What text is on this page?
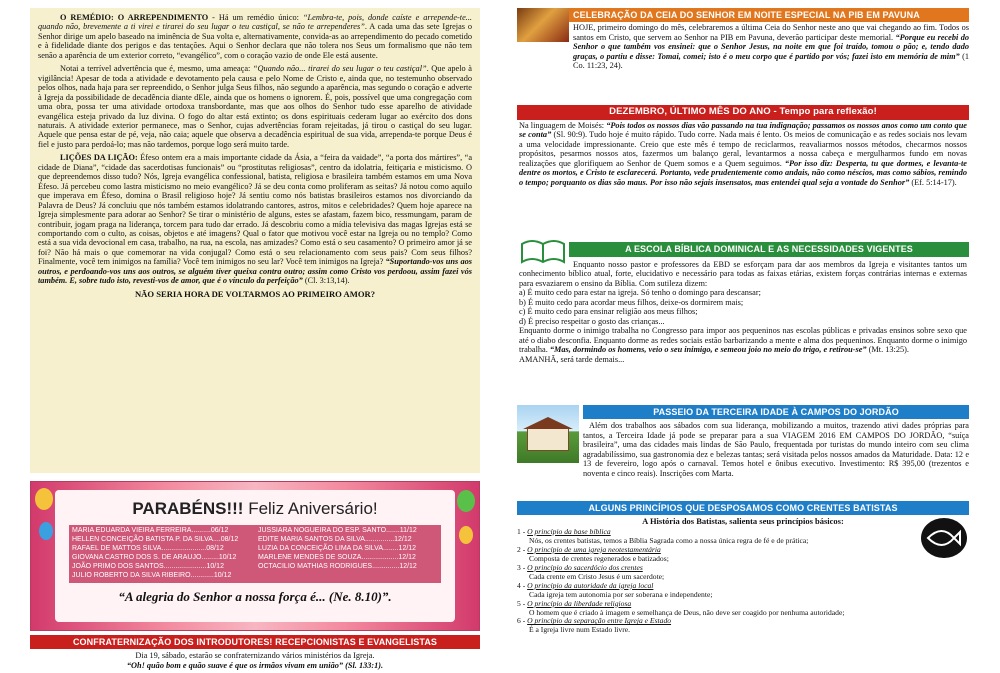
O REMÉDIO: O ARREPENDIMENTO - Há um remédio único: “Lembra-te, pois, donde caíste e arrepende-te... quando não, brevemente a ti virei e tirarei do seu lugar o teu castiçal, se não te arrependeres”. A cada uma das sete Igrejas o Senhor dirige um apelo baseado na iminência de Sua volta e, alternativamente, convida-as ao arrependimento do pecado cometido e à fidelidade diante dos perigos e das tentações. Aqui o Senhor declara que não tolera nos Seus um formalismo que não tem senão a aparência de um exterior correto, “evangélico”, com o coração vazio de onde Ele está ausente.

Notai a terrível advertência que é, mesmo, uma ameaça: “Quando não... tirarei do seu lugar o teu castiçal”. Que apelo à vigilância! Apesar de toda a atividade e devotamento pela causa e pelo Nome de Cristo e, ainda que, no testemunho observado pelos olhos, nada haja para ser repreendido, o Senhor julga Seus filhos, não segundo a aparência, mas segundo o coração e adverte à Igreja da possibilidade de decadência diante dEle, ainda que os homens o ignorem. É, pois, possível que uma congregação com uma obra, possa ter uma atividade ortodoxa transbordante, mas que aos olhos do Senhor tudo esse aparelho de atividade evangélica esteja privado da luz divina. O fogo do altar está extinto; os dons espirituais cederam lugar ao exército dos dons naturais. A atividade exterior permanece, mas o Senhor, cujas advertências foram rejeitadas, já tirou o castiçal do seu lugar. Aquele que pensa estar de pé, veja, não caia; aquele que observa a decadência espiritual de sua vida, arrependa-te porque Deus é fiel e justo para perdoá-lo; mas não tardemos, porque logo será muito tarde.

LIÇÕES DA LIÇÃO: Éfeso ontem era a mais importante cidade da Ásia, a “feira da vaidade”, “a porta dos mártires”, “a cidade de Diana”, “cidade das sacerdotisas funcionais” ou “prostitutas religiosas”, centro da idolatria, feitiçaria e misticismo. O que depreendemos disso tudo? Nós, Igreja evangélica confessional, batista, religiosa e brasileira também estamos em uma Nova Éfeso. Já percebeu como lastra misticismo no meio evangélico? Já se deu conta como proliferam as seitas? Já notou como aquilo que imperava em Éfeso, domina o Brasil religioso hoje? Já sentiu como nós batistas brasileiros estamos nos divorciando da Palavra de Deus? Já concluiu que nós também estamos idolatrando cantores, astros, mitos e celebridades? Quem hoje aparece na Igreja simplesmente para adorar ao Senhor? Se tirar o ministério de alguns, estes se afastam, fazem bico, ressmungam, param de contribuir, jogam praga na liderança, torcem para tudo dar errado. Já descobriu como a mídia televisiva das magas Igrejas está se comportando com o culto, as coisas, objetos e até imagens? Qual o fator que motivou você estar na Igreja ou no templo? Como está a sua vida devocional em casa, trabalho, na rua, na escola, nas amizades? Como está o seu casamento? O primeiro amor já se foi? Não há mais o que comemorar na vida conjugal? Como está o seu relacionamento com seus pais? Com seus filhos? Finalmente, você tem inimigos na família? Você tem inimigos no seu lar? Você tem inimigos na Igreja? “Suportando-vos uns aos outros, e perdoando-vos uns aos outros, se alguém tiver queixa contra outro; assim como Cristo vos perdoou, assim fazei vós também. E, sobre tudo isto, revesti-vos de amor, que é o vínculo da perfeição” (Cl. 3:13,14).

NÃO SERIA HORA DE VOLTARMOS AO PRIMEIRO AMOR?

PARABÉNS!!! Feliz Aniversário!
MARIA EDUARDA VIEIRA FERREIRA..........06/12
HELLEN CONCEIÇÃO BATISTA P. DA SILVA....08/12
RAFAEL DE MATTOS SILVA.......................08/12
GIOVANA CASTRO DOS S. DE ARAUJO.........10/12
JOÃO PRIMO DOS SANTOS......................10/12
JULIO ROBERTO DA SILVA RIBEIRO............10/12
JUSSIARA NOGUEIRA DO ESP. SANTO.......11/12
EDITE MARIA SANTOS DA SILVA...............12/12
LUZIA DA CONCEIÇÃO LIMA DA SILVA........12/12
MARLENE MENDES DE SOUZA...................12/12
OCTACILIO MATHIAS RODRIGUES..............12/12
“A alegria do Senhor a nossa força é... (Ne. 8.10)”.
CONFRATERNIZAÇÃO DOS INTRODUTORES! RECEPCIONISTAS E EVANGELISTAS
Dia 19, sábado, estarão se confraternizando vários ministérios da Igreja.
“Oh! quão bom e quão suave é que os irmãos vivam em união” (Sl. 133:1).
CELEBRAÇÃO DA CEIA DO SENHOR EM NOITE ESPECIAL NA PIB EM PAVUNA
HOJE, primeiro domingo do mês, celebraremos a última Ceia do Senhor neste ano que vai chegando ao fim. Todos os santos em Cristo, que servem ao Senhor na PIB em Pavuna, deverão participar deste memorial. “Porque eu recebi do Senhor o que também vos ensinei: que o Senhor Jesus, na noite em que foi traído, tomou o pão; e, tendo dado graças, o partiu e disse: Tomai, comei; isto é o meu corpo que é partido por vós; fazei isto em memória de mim” (1 Co. 11:23, 24).
DEZEMBRO, ÚLTIMO MÊS DO ANO - Tempo para reflexão!
Na linguagem de Moisés: “Pois todos os nossos dias vão passando na tua indignação; passamos os nossos anos como um conto que se conta” (Sl. 90:9). Tudo hoje é muito rápido. Tudo corre. Nada mais é lento. Os meios de comunicação e as redes sociais nos levam a uma velocidade impressionante. Creio que este mês é tempo de reciclarmos, reavaliarmos nossos métodos, checarmos nossos propósitos, pesarmos nossos atos, fazermos um balanço geral, levantarmos a nossa cabeça e mergulharmos fundo em novas realizações que glorifiquem ao Senhor de Quem somos e a Quem seguimos. “Por isso diz: Desperta, tu que dormes, e levanta-te dentre os mortos, e Cristo te esclarecerá. Portanto, vede prudentemente como andais, não como néscios, mas como sábios, remindo o tempo; porquanto os dias são maus. Por isso não sejais insensatos, mas entendei qual seja a vontade do Senhor” (Ef. 5:14-17).
A ESCOLA BÍBLICA DOMINICAL E AS NECESSIDADES VIGENTES
Enquanto nosso pastor e professores da EBD se esforçam para dar aos membros da Igreja e visitantes tantos um conhecimento bíblico atual, forte, elucidativo e necessário para todas as faixas etárias, existem forças contrárias internas e externas para esvaziarem o ensino da Bíblia. Com sutileza dizem:
a) É muito cedo para estar na igreja. Só tenho o domingo para descansar;
b) É muito cedo para acordar meus filhos, deixe-os dormirem mais;
c) É muito cedo para ensinar religião aos meus filhos;
d) É preciso respeitar o gosto das crianças...
Enquanto dorme o inimigo trabalha no Congresso para impor aos pequeninos nas escolas públicas e privadas ensinos sobre sexo que até o diabo desconfia. Enquanto dorme as redes sociais estão barbarizando a mente e alma dos pequeninos. Enquanto dorme o inimigo trabalha. “Mas, dormindo os homens, veio o seu inimigo, e semeou joio no meio do trigo, e retirou-se” (Mt. 13:25).
AMANHÃ, será tarde demais...
PASSEIO DA TERCEIRA IDADE À CAMPOS DO JORDÃO
Além dos trabalhos aos sábados com sua liderança, mobilizando a muitos, trazendo ativi dades próprias para tantos, a Terceira Idade já pode se preparar para a sua VIAGEM 2016 EM CAMPOS DO JORDÃO, “suíça brasileira”, uma das cidades mais lindas de São Paulo, frequentada por turistas do mundo inteiro com seu clima agradabilíssimo, sua gastronomia dez e belezas tantas; será visitada pelos nossos amados da Maturidade. Data: 12 e 13 de fevereiro, logo após o carnaval. Temos hotel e ônibus executivo. Investimento: R$ 395,00 (trezentos e noventa e cinco reais). Inscrições com Marta.
ALGUNS PRINCÍPIOS QUE DESPOSAMOS COMO CRENTES BATISTAS
A História dos Batistas, salienta seus princípios básicos:
1 - O princípio da base bíblica
Nós, os crentes batistas, temos a Bíblia Sagrada como a nossa única regra de fé e de prática;
2 - O princípio de uma igreja neotestamentária
Composta de crentes regenerados e batizados;
3 - O princípio do sacerdócio dos crentes
Cada crente em Cristo Jesus é um sacerdote;
4 - O princípio da autoridade da igreja local
Cada igreja tem autonomia por ser soberana e independente;
5 - O princípio da liberdade religiosa
O homem que é criado à imagem e semelhança de Deus, não deve ser coagido por nenhuma autoridade;
6 - O princípio da separação entre Igreja e Estado
É a Igreja livre num Estado livre.
